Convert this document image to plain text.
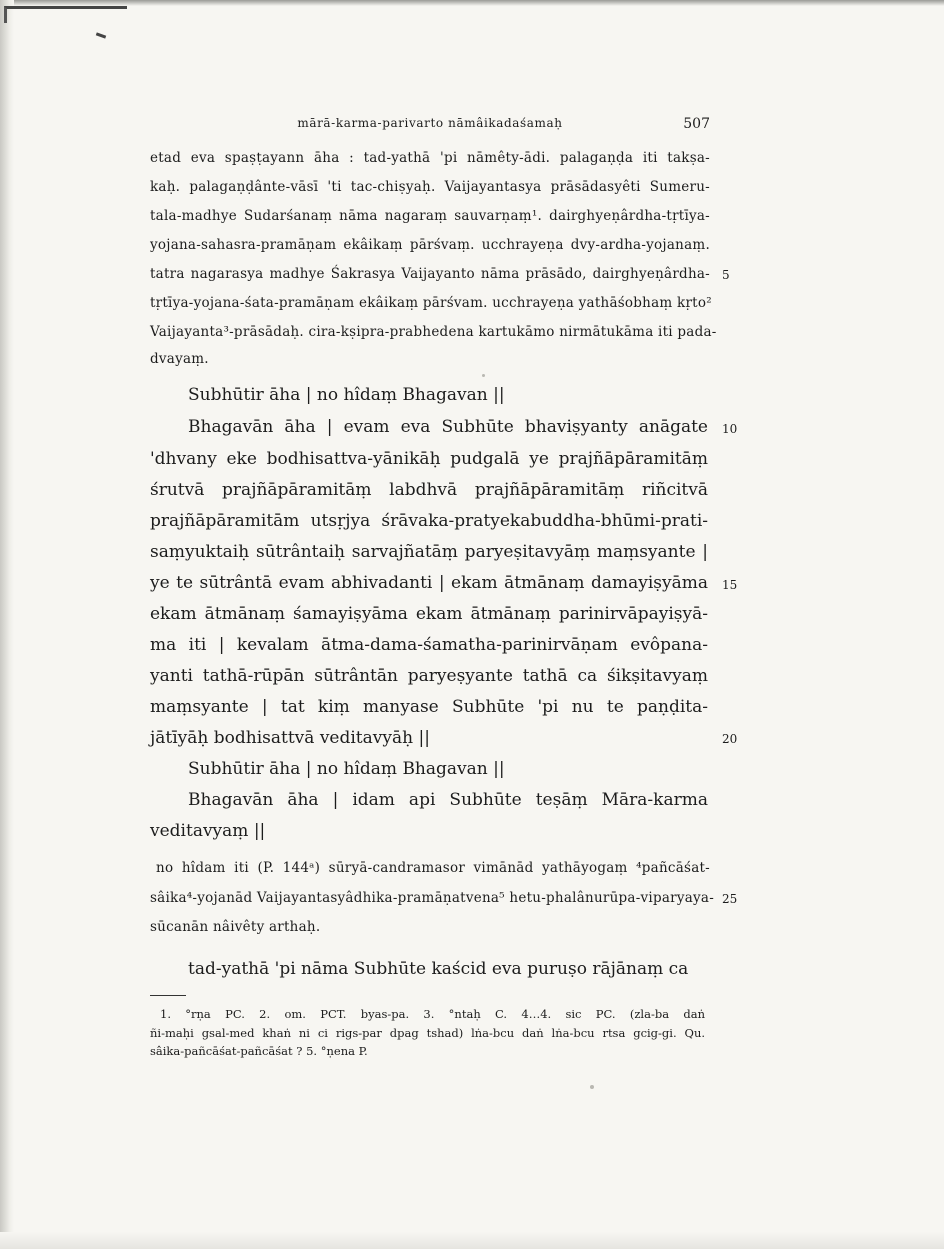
mārā-karma-parivarto nāmâikadaśamaḥ	507
etad eva spaṣṭayann āha : tad-yathā 'pi nāmêty-ādi. palagaṇḍa iti takṣa-
kaḥ. palagaṇḍânte-vāsī 'ti tac-chiṣyaḥ. Vaijayantasya prāsādasyêti Sumeru-
tala-madhye Sudarśanaṃ nāma nagaraṃ sauvarṇaṃ¹. dairghyeṇârdha-tṛtīya-
yojana-sahasra-pramāṇam ekâikaṃ pārśvaṃ. ucchrayeṇa dvy-ardha-yojanaṃ.
tatra nagarasya madhye Śakrasya Vaijayanto nāma prāsādo, dairghyeṇârdha-
tṛtīya-yojana-śata-pramāṇam ekâikaṃ pārśvam. ucchrayeṇa yathāśobhaṃ kṛto²
Vaijayanta³-prāsādaḥ. cira-kṣipra-prabhedena kartukāmo nirmātukāma iti pada-
dvayaṃ.
Subhūtir āha | no hîdaṃ Bhagavan ||
Bhagavān āha | evam eva Subhūte bhaviṣyanty anāgate
'dhvany eke bodhisattva-yānikāḥ pudgalā ye prajñāpāramitāṃ
śrutvā prajñāpāramitāṃ labdhvā prajñāpāramitāṃ riñcitvā
prajñāpāramitām utsṛjya śrāvaka-pratyekabuddha-bhūmi-prati-
saṃyuktaiḥ sūtrântaiḥ sarvajñatāṃ paryeṣitavyāṃ maṃsyante |
ye te sūtrântā evam abhivadanti | ekam ātmānaṃ damayiṣyāma
ekam ātmānaṃ śamayiṣyāma ekam ātmānaṃ parinirvāpayiṣyā-
ma iti | kevalam ātma-dama-śamatha-parinirvāṇam evôpana-
yanti tathā-rūpān sūtrântān paryeṣyante tathā ca śikṣitavyaṃ
maṃsyante | tat kiṃ manyase Subhūte 'pi nu te paṇḍita-
jātīyāḥ bodhisattvā veditavyāḥ ||
Subhūtir āha | no hîdaṃ Bhagavan ||
Bhagavān āha | idam api Subhūte teṣāṃ Māra-karma
veditavyaṃ ||
no hîdam iti (P. 144ᵃ) sūryā-candramasor vimānād yathāyogaṃ ⁴pañcāśat-
sâika⁴-yojanād Vaijayantasyâdhika-pramāṇatvena⁵ hetu-phalânurūpa-viparyaya-
sūcanān nâivêty arthaḥ.
tad-yathā 'pi nāma Subhūte kaścid eva puruṣo rājānaṃ ca
5
10
15
20
25
1. °rṇa PC. 2. om. PCT. byas-pa. 3. °ntaḥ C. 4…4. sic PC. (zla-ba daṅ
ñi-maḥi gsal-med khaṅ ni ci rigs-par dpag tshad) lṅa-bcu daṅ lṅa-bcu rtsa gcig-gi. Qu.
sâika-pañcāśat-pañcāśat ? 5. °ṇena P.
